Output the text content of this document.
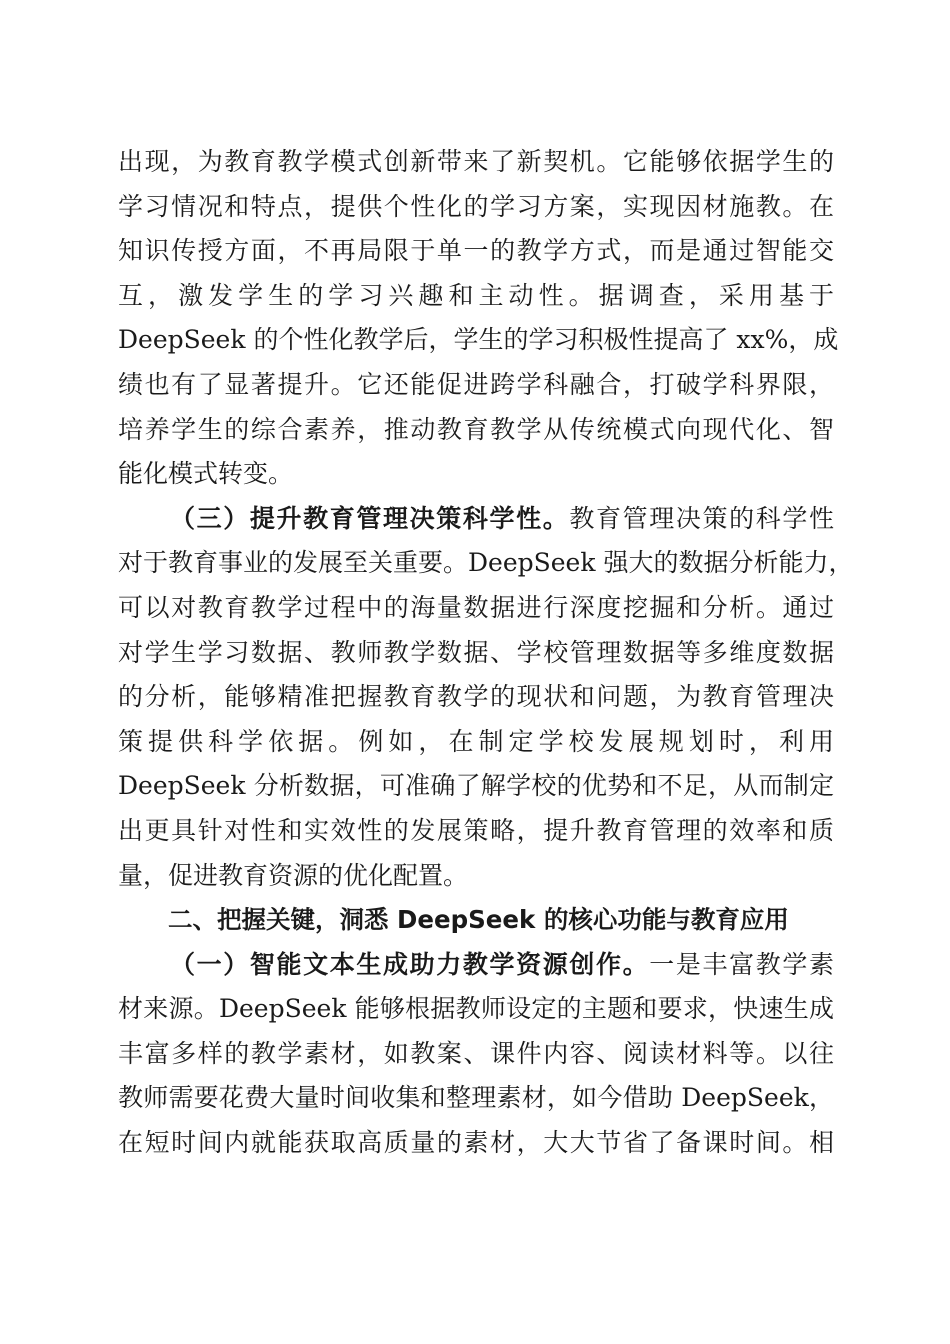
出现，为教育教学模式创新带来了新契机。它能够依据学生的
学习情况和特点，提供个性化的学习方案，实现因材施教。在
知识传授方面，不再局限于单一的教学方式，而是通过智能交
互，激发学生的学习兴趣和主动性。据调查，采用基于
DeepSeek 的个性化教学后，学生的学习积极性提高了 xx%，成
绩也有了显著提升。它还能促进跨学科融合，打破学科界限，
培养学生的综合素养，推动教育教学从传统模式向现代化、智
能化模式转变。
（三）提升教育管理决策科学性。教育管理决策的科学性
对于教育事业的发展至关重要。DeepSeek 强大的数据分析能力，
可以对教育教学过程中的海量数据进行深度挖掘和分析。通过
对学生学习数据、教师教学数据、学校管理数据等多维度数据
的分析，能够精准把握教育教学的现状和问题，为教育管理决
策提供科学依据。例如，在制定学校发展规划时，利用
DeepSeek 分析数据，可准确了解学校的优势和不足，从而制定
出更具针对性和实效性的发展策略，提升教育管理的效率和质
量，促进教育资源的优化配置。
二、把握关键，洞悉 DeepSeek 的核心功能与教育应用
（一）智能文本生成助力教学资源创作。一是丰富教学素
材来源。DeepSeek 能够根据教师设定的主题和要求，快速生成
丰富多样的教学素材，如教案、课件内容、阅读材料等。以往
教师需要花费大量时间收集和整理素材，如今借助 DeepSeek，
在短时间内就能获取高质量的素材，大大节省了备课时间。相
